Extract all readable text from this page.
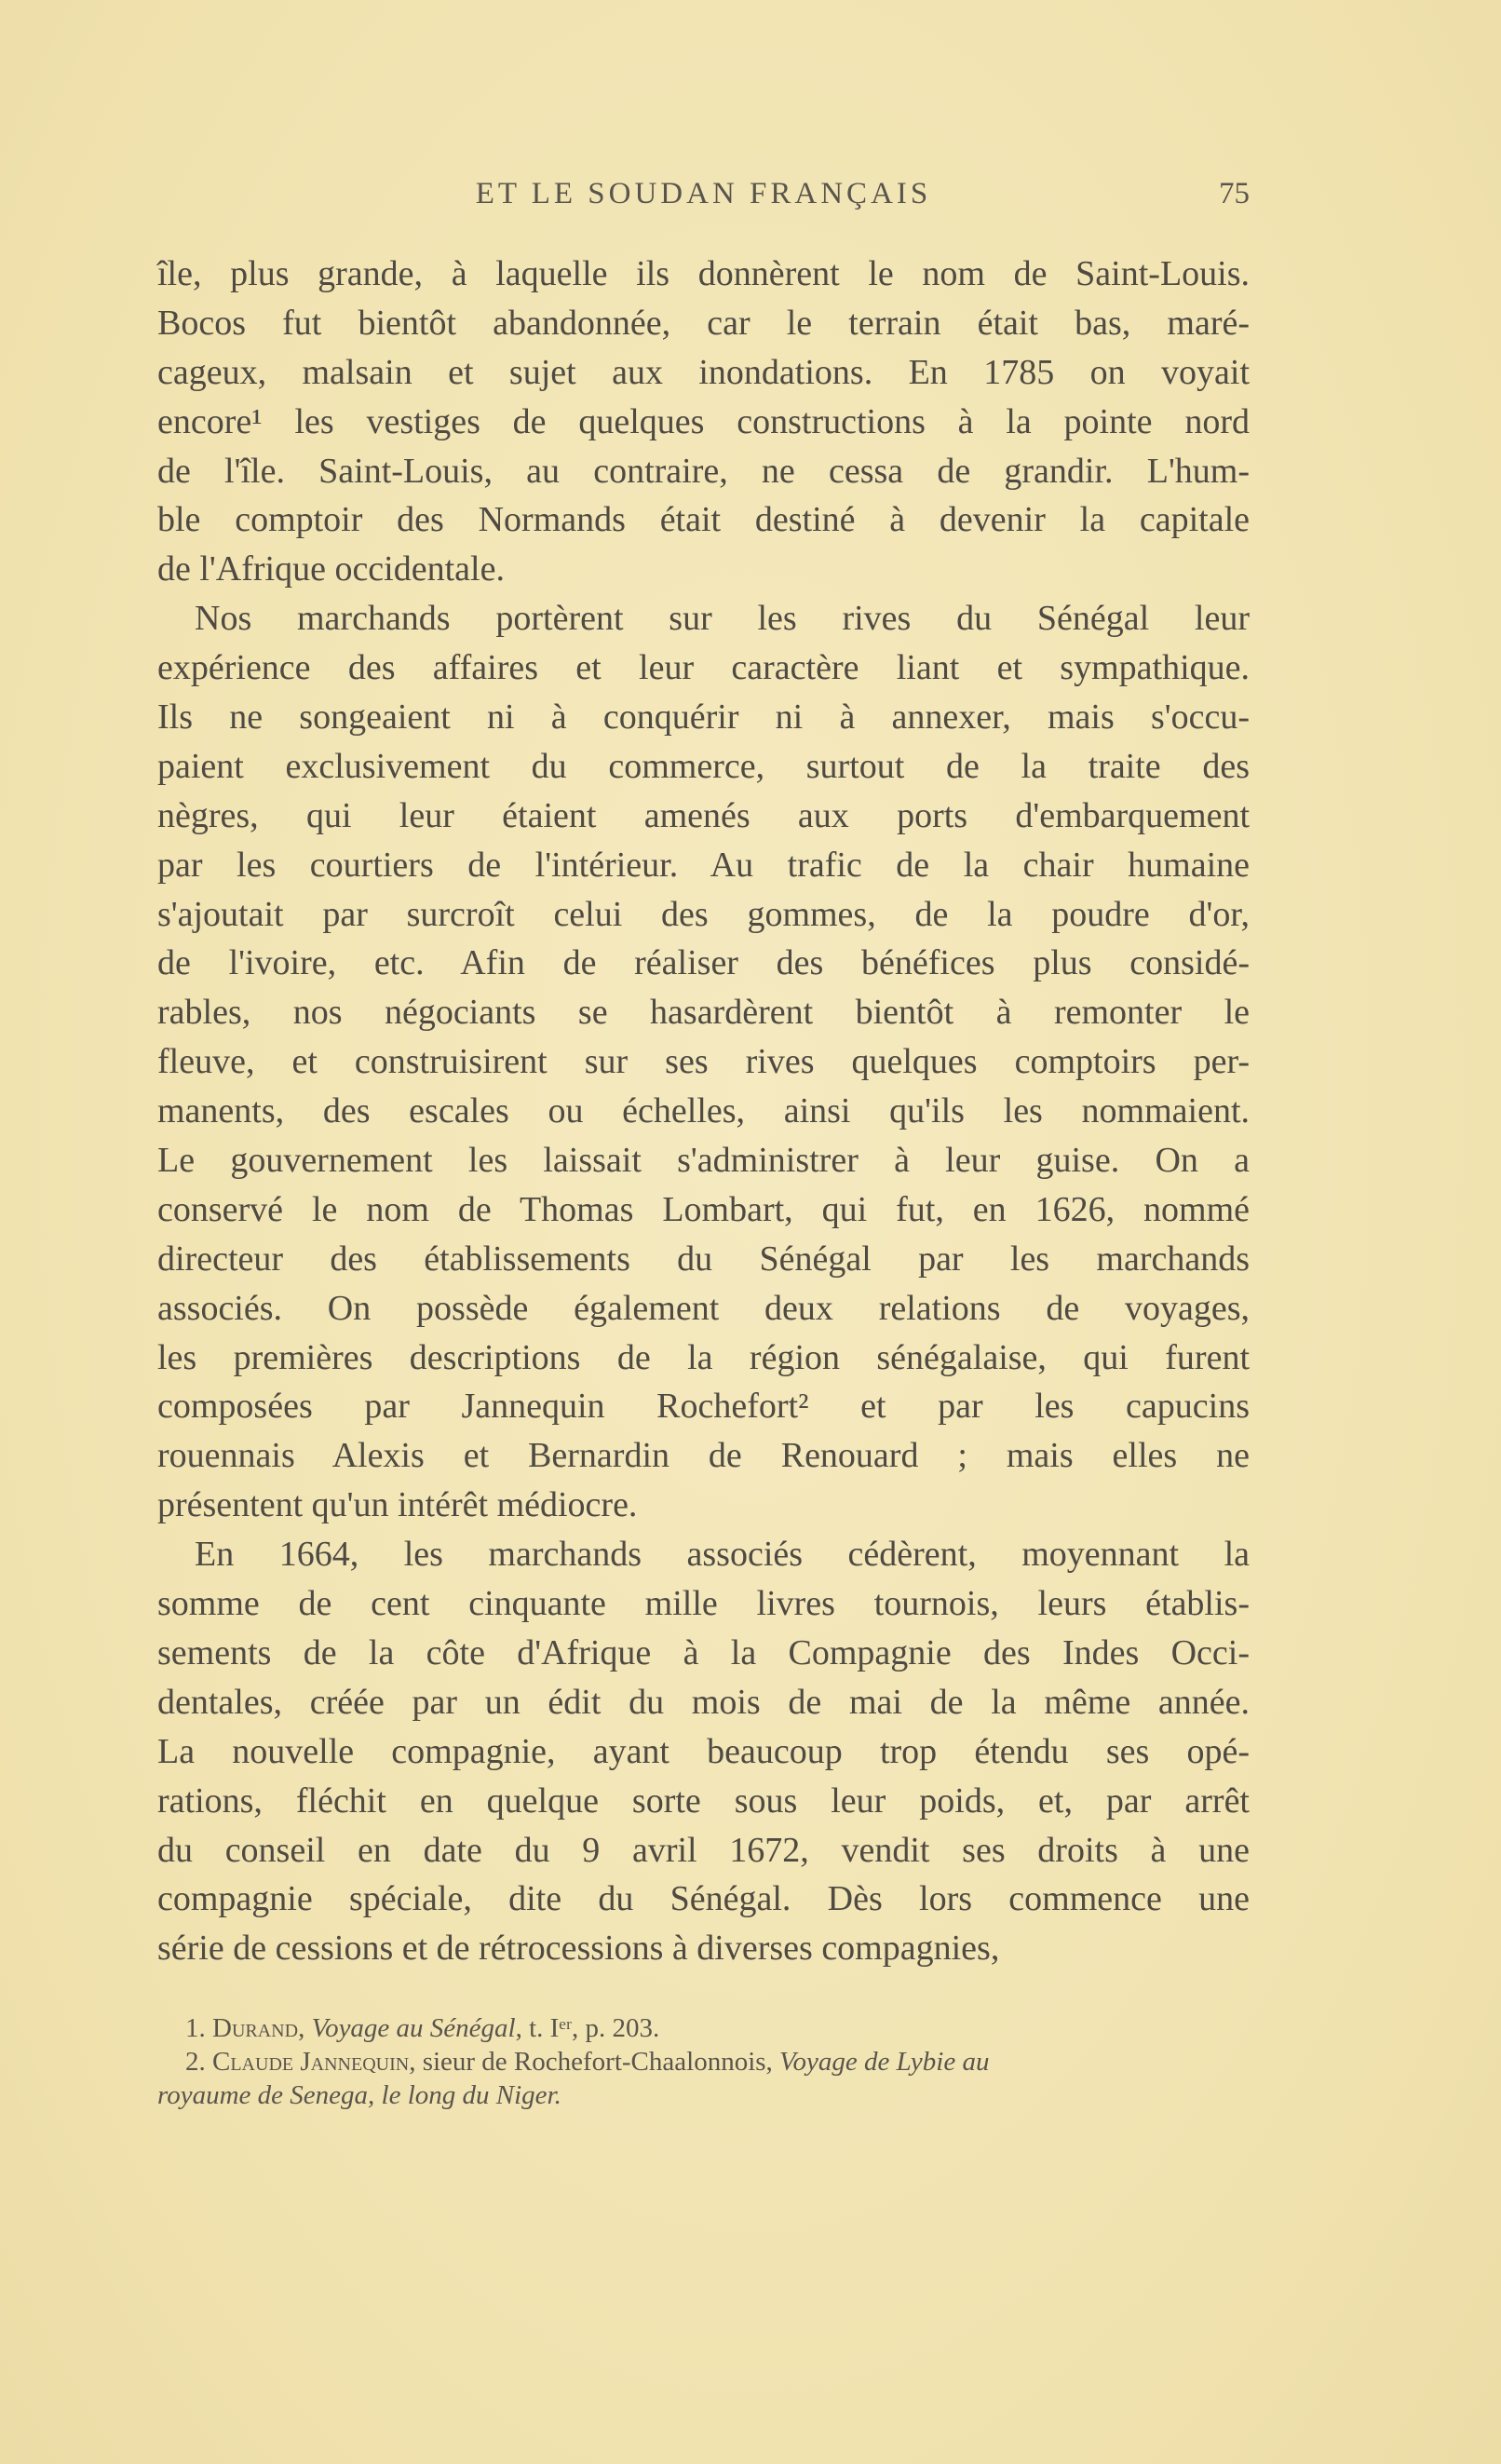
ET LE SOUDAN FRANÇAIS	75
île, plus grande, à laquelle ils donnèrent le nom de Saint-Louis.
Bocos fut bientôt abandonnée, car le terrain était bas, maré-
cageux, malsain et sujet aux inondations. En 1785 on voyait
encore¹ les vestiges de quelques constructions à la pointe nord
de l'île. Saint-Louis, au contraire, ne cessa de grandir. L'hum-
ble comptoir des Normands était destiné à devenir la capitale
de l'Afrique occidentale.
Nos marchands portèrent sur les rives du Sénégal leur
expérience des affaires et leur caractère liant et sympathique.
Ils ne songeaient ni à conquérir ni à annexer, mais s'occu-
paient exclusivement du commerce, surtout de la traite des
nègres, qui leur étaient amenés aux ports d'embarquement
par les courtiers de l'intérieur. Au trafic de la chair humaine
s'ajoutait par surcroît celui des gommes, de la poudre d'or,
de l'ivoire, etc. Afin de réaliser des bénéfices plus considé-
rables, nos négociants se hasardèrent bientôt à remonter le
fleuve, et construisirent sur ses rives quelques comptoirs per-
manents, des escales ou échelles, ainsi qu'ils les nommaient.
Le gouvernement les laissait s'administrer à leur guise. On a
conservé le nom de Thomas Lombart, qui fut, en 1626, nommé
directeur des établissements du Sénégal par les marchands
associés. On possède également deux relations de voyages,
les premières descriptions de la région sénégalaise, qui furent
composées par Jannequin Rochefort² et par les capucins
rouennais Alexis et Bernardin de Renouard ; mais elles ne
présentent qu'un intérêt médiocre.
En 1664, les marchands associés cédèrent, moyennant la
somme de cent cinquante mille livres tournois, leurs établis-
sements de la côte d'Afrique à la Compagnie des Indes Occi-
dentales, créée par un édit du mois de mai de la même année.
La nouvelle compagnie, ayant beaucoup trop étendu ses opé-
rations, fléchit en quelque sorte sous leur poids, et, par arrêt
du conseil en date du 9 avril 1672, vendit ses droits à une
compagnie spéciale, dite du Sénégal. Dès lors commence une
série de cessions et de rétrocessions à diverses compagnies,
1. Durand, Voyage au Sénégal, t. Iᵉʳ, p. 203.
2. Claude Jannequin, sieur de Rochefort-Chaalonnois, Voyage de Lybie au
royaume de Senega, le long du Niger.
